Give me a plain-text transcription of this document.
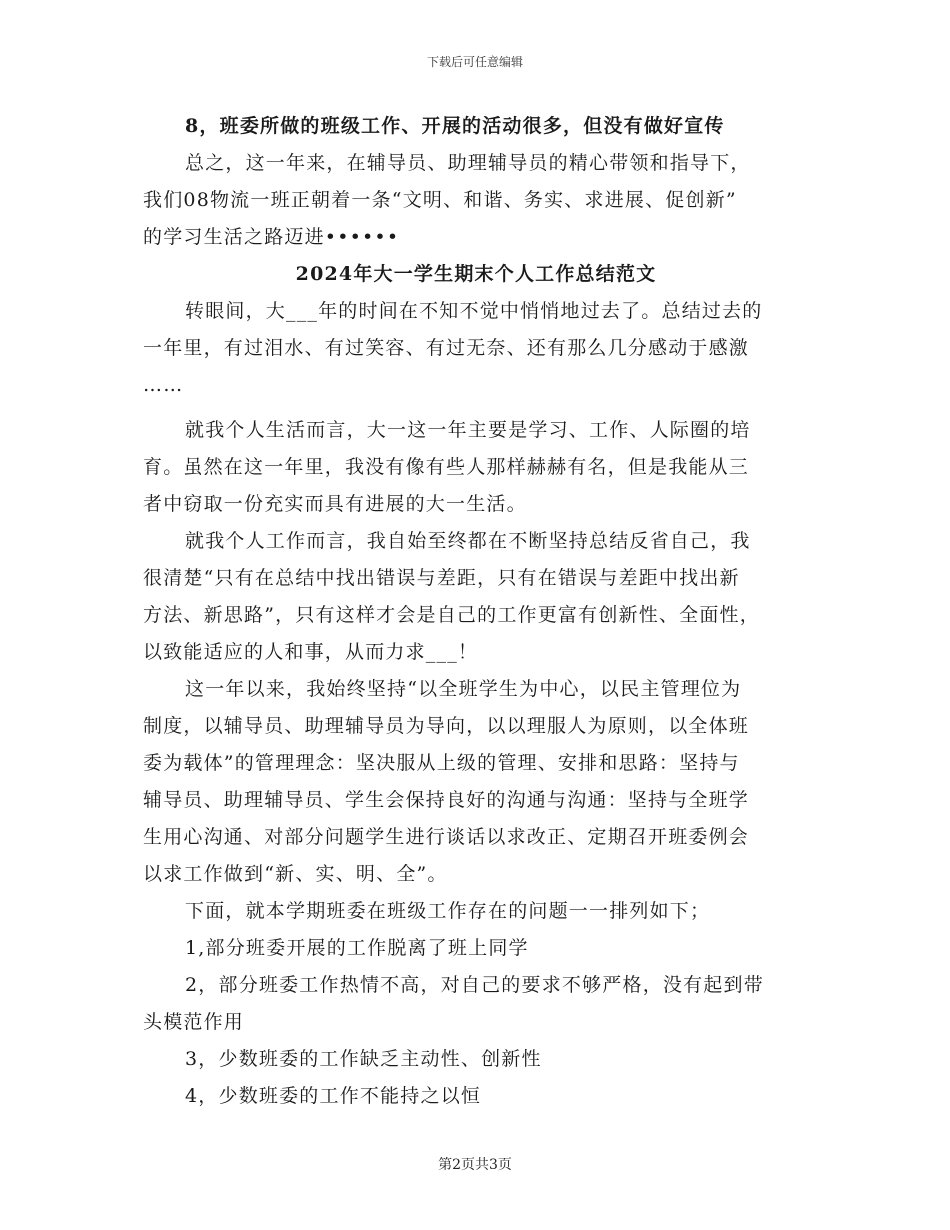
下载后可任意编辑

8，班委所做的班级工作、开展的活动很多，但没有做好宣传

总之，这一年来，在辅导员、助理辅导员的精心带领和指导下，

我们08物流一班正朝着一条“文明、和谐、务实、求进展、促创新”

的学习生活之路迈进••••••

2024年大一学生期末个人工作总结范文

转眼间，大___年的时间在不知不觉中悄悄地过去了。总结过去的

一年里，有过泪水、有过笑容、有过无奈、还有那么几分感动于感激

……

就我个人生活而言，大一这一年主要是学习、工作、人际圈的培

育。虽然在这一年里，我没有像有些人那样赫赫有名，但是我能从三

者中窃取一份充实而具有进展的大一生活。

就我个人工作而言，我自始至终都在不断坚持总结反省自己，我

很清楚“只有在总结中找出错误与差距，只有在错误与差距中找出新

方法、新思路”，只有这样才会是自己的工作更富有创新性、全面性，

以致能适应的人和事，从而力求___！

这一年以来，我始终坚持“以全班学生为中心，以民主管理位为

制度，以辅导员、助理辅导员为导向，以以理服人为原则，以全体班

委为载体”的管理理念：坚决服从上级的管理、安排和思路：坚持与

辅导员、助理辅导员、学生会保持良好的沟通与沟通：坚持与全班学

生用心沟通、对部分问题学生进行谈话以求改正、定期召开班委例会

以求工作做到“新、实、明、全”。

下面，就本学期班委在班级工作存在的问题一一排列如下；

1,部分班委开展的工作脱离了班上同学

2，部分班委工作热情不高，对自己的要求不够严格，没有起到带

头模范作用

3，少数班委的工作缺乏主动性、创新性

4，少数班委的工作不能持之以恒

第2页共3页
